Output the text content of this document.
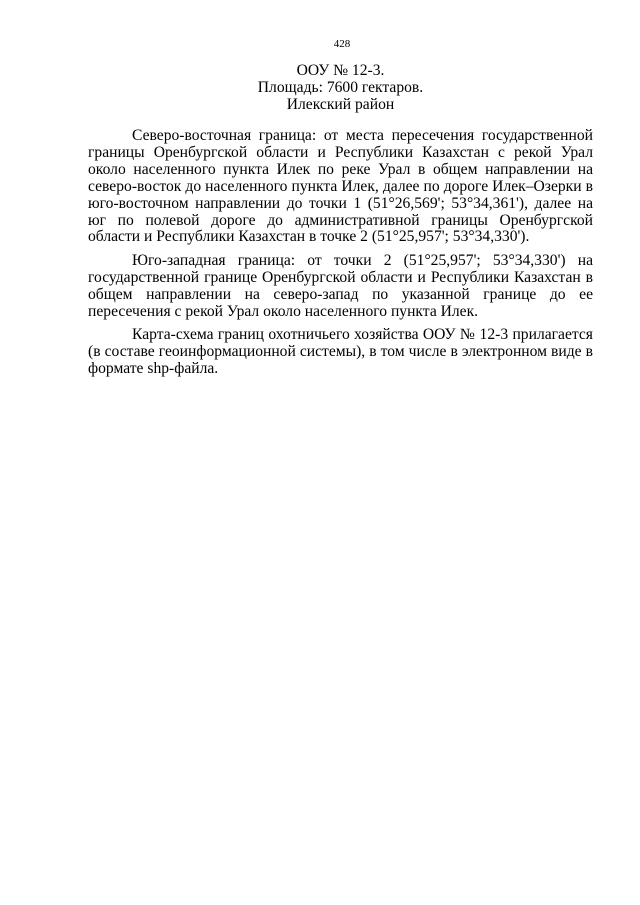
428
ООУ № 12-3.
Площадь: 7600 гектаров.
Илекский район

Северо-восточная граница: от места пересечения государственной границы Оренбургской области и Республики Казахстан с рекой Урал около населенного пункта Илек по реке Урал в общем направлении на северо-восток до населенного пункта Илек, далее по дороге Илек–Озерки в юго-восточном направлении до точки 1 (51°26,569'; 53°34,361'), далее на юг по полевой дороге до административной границы Оренбургской области и Республики Казахстан в точке 2 (51°25,957'; 53°34,330').

Юго-западная граница: от точки 2 (51°25,957'; 53°34,330') на государственной границе Оренбургской области и Республики Казахстан в общем направлении на северо-запад по указанной границе до ее пересечения с рекой Урал около населенного пункта Илек.

Карта-схема границ охотничьего хозяйства ООУ № 12-3 прилагается (в составе геоинформационной системы), в том числе в электронном виде в формате shp-файла.
